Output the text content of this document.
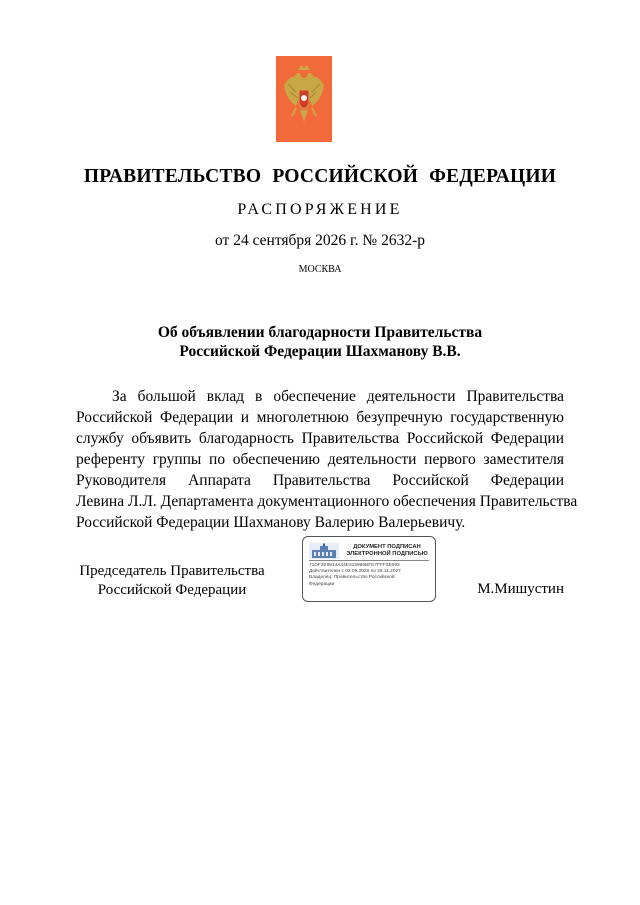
ПРАВИТЕЛЬСТВО РОССИЙСКОЙ ФЕДЕРАЦИИ
РАСПОРЯЖЕНИЕ
от 24 сентября 2026 г. № 2632-р
МОСКВА
Об объявлении благодарности Правительства
Российской Федерации Шахманову В.В.
За большой вклад в обеспечение деятельности Правительства
Российской Федерации и многолетнюю безупречную государственную
службу объявить благодарность Правительства Российской Федерации
референту группы по обеспечению деятельности первого заместителя
Руководителя Аппарата Правительства Российской Федерации
Левина Л.Л. Департамента документационного обеспечения Правительства
Российской Федерации Шахманову Валерию Валерьевичу.
Председатель Правительства
Российской Федерации
ДОКУМЕНТ ПОДПИСАН
ЭЛЕКТРОННОЙ ПОДПИСЬЮ
71DF2E9914A44E315986BFE7FFF2E093
Действителен с 02.09.2026 по 26.11.2027
Владелец: Правительство Российской
Федерации	М.Мишустин
